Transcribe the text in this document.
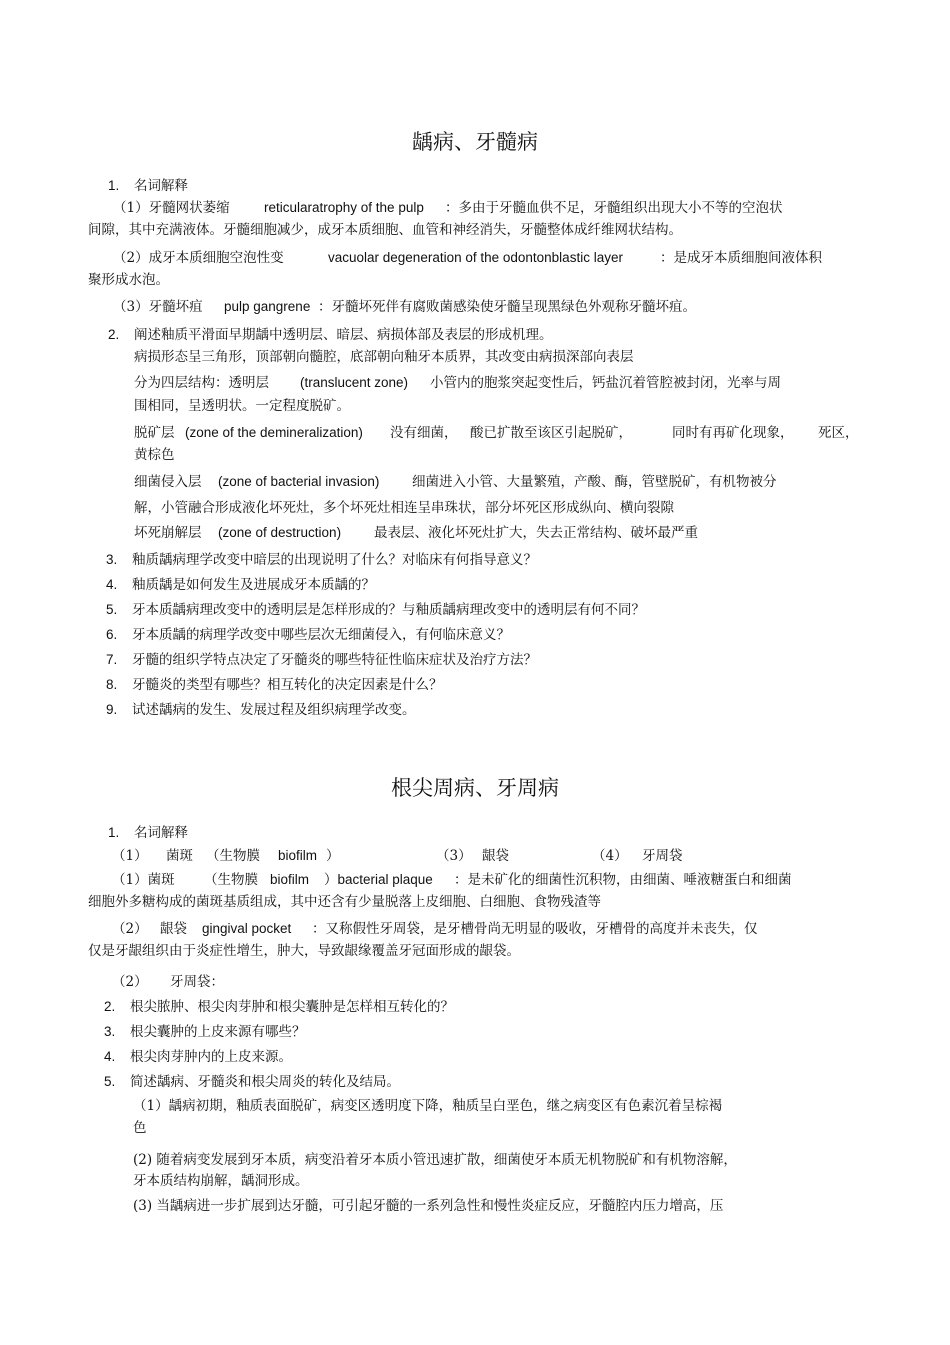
龋病、牙髓病
1. 名词解释
（1）牙髓网状萎缩	reticularatrophy of the pulp ：多由于牙髓血供不足，牙髓组织出现大小不等的空泡状
间隙，其中充满液体。牙髓细胞减少，成牙本质细胞、血管和神经消失，牙髓整体成纤维网状结构。
（2）成牙本质细胞空泡性变	vacuolar degeneration of the odontonblastic layer	：是成牙本质细胞间液体积
聚形成水泡。
（3）牙髓坏疽 pulp gangrene ：牙髓坏死伴有腐败菌感染使牙髓呈现黑绿色外观称牙髓坏疽。
2. 阐述釉质平滑面早期龋中透明层、暗层、病损体部及表层的形成机理。
病损形态呈三角形，顶部朝向髓腔，底部朝向釉牙本质界，其改变由病损深部向表层
分为四层结构：透明层 (translucent zone) 小管内的胞浆突起变性后，钙盐沉着管腔被封闭，光率与周
围相同，呈透明状。一定程度脱矿。
脱矿层 (zone of the demineralization) 没有细菌， 酸已扩散至该区引起脱矿，	同时有再矿化现象， 死区，
黄棕色
细菌侵入层 (zone of bacterial invasion) 细菌进入小管、大量繁殖，产酸、酶，管壁脱矿，有机物被分
解，小管融合形成液化坏死灶，多个坏死灶相连呈串珠状，部分坏死区形成纵向、横向裂隙
坏死崩解层 (zone of destruction) 最表层、液化坏死灶扩大，失去正常结构、破坏最严重
3. 釉质龋病理学改变中暗层的出现说明了什么？对临床有何指导意义？
4. 釉质龋是如何发生及进展成牙本质龋的？
5. 牙本质龋病理改变中的透明层是怎样形成的？与釉质龋病理改变中的透明层有何不同？
6. 牙本质龋的病理学改变中哪些层次无细菌侵入，有何临床意义？
7. 牙髓的组织学特点决定了牙髓炎的哪些特征性临床症状及治疗方法？
8. 牙髓炎的类型有哪些？相互转化的决定因素是什么？
9. 试述龋病的发生、发展过程及组织病理学改变。
根尖周病、牙周病
1. 名词解释
（1） 菌斑 （生物膜 biofilm ）	（3） 龈袋	（4） 牙周袋
（1）菌斑 （生物膜 biofilm ）bacterial plaque ：是未矿化的细菌性沉积物，由细菌、唾液糖蛋白和细菌
细胞外多糖构成的菌斑基质组成，其中还含有少量脱落上皮细胞、白细胞、食物残渣等
（2） 龈袋 gingival pocket ：又称假性牙周袋，是牙槽骨尚无明显的吸收，牙槽骨的高度并未丧失，仅
仅是牙龈组织由于炎症性增生，肿大，导致龈缘覆盖牙冠面形成的龈袋。
（2） 牙周袋：
2. 根尖脓肿、根尖肉芽肿和根尖囊肿是怎样相互转化的？
3. 根尖囊肿的上皮来源有哪些？
4. 根尖肉芽肿内的上皮来源。
5. 简述龋病、牙髓炎和根尖周炎的转化及结局。
（1）龋病初期，釉质表面脱矿，病变区透明度下降，釉质呈白垩色，继之病变区有色素沉着呈棕褐
色
(2) 随着病变发展到牙本质，病变沿着牙本质小管迅速扩散，细菌使牙本质无机物脱矿和有机物溶解，
牙本质结构崩解，龋洞形成。
(3) 当龋病进一步扩展到达牙髓，可引起牙髓的一系列急性和慢性炎症反应，牙髓腔内压力增高，压
